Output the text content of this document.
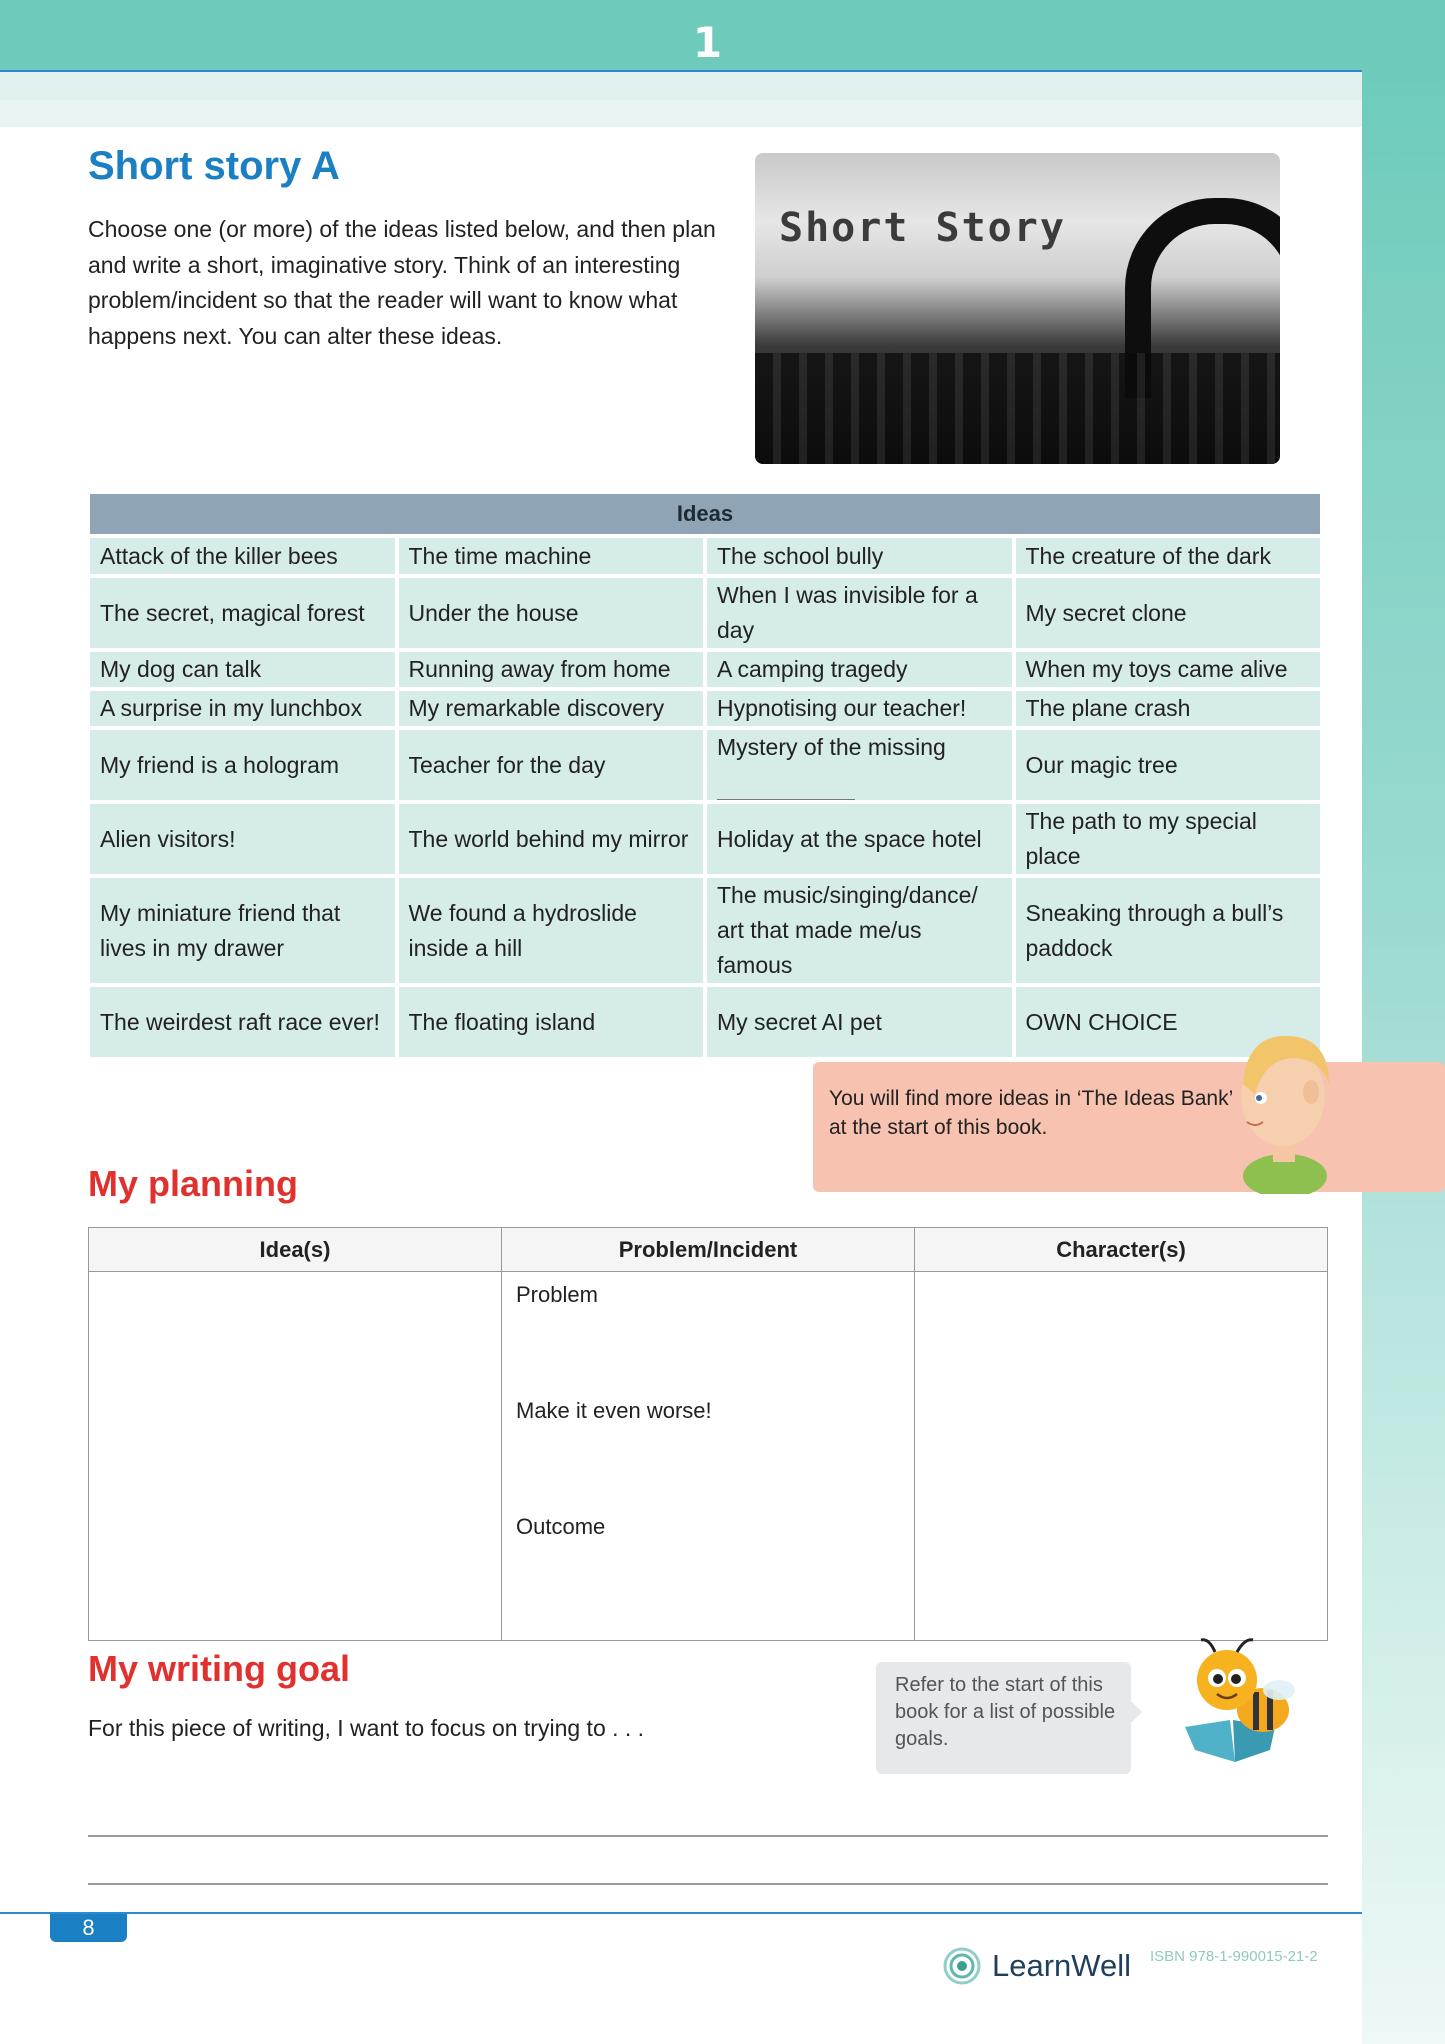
1
Short story A

Choose one (or more) of the ideas listed below, and then plan and write a short, imaginative story. Think of an interesting problem/incident so that the reader will want to know what happens next. You can alter these ideas.

Short Story
Ideas			
Attack of the killer bees	The time machine	The school bully	The creature of the dark
The secret, magical forest	Under the house	When I was invisible for a day	My secret clone
My dog can talk	Running away from home	A camping tragedy	When my toys came alive
A surprise in my lunchbox	My remarkable discovery	Hypnotising our teacher!	The plane crash
My friend is a hologram	Teacher for the day	Mystery of the missing	Our magic tree
Alien visitors!	The world behind my mirror	Holiday at the space hotel	The path to my special place
My miniature friend that lives in my drawer	We found a hydroslide inside a hill	The music/singing/dance/ art that made me/us famous	Sneaking through a bull’s paddock
The weirdest raft race ever!	The floating island	My secret AI pet	OWN CHOICE

You will find more ideas in ‘The Ideas Bank’ at the start of this book.

My planning
Idea(s)	Problem/Incident	Character(s)

	Problem
Make it even worse!
Outcome	

My writing goal

For this piece of writing, I want to focus on trying to . . .

Refer to the start of this book for a list of possible goals.

8
LearnWell ISBN 978-1-990015-21-2
